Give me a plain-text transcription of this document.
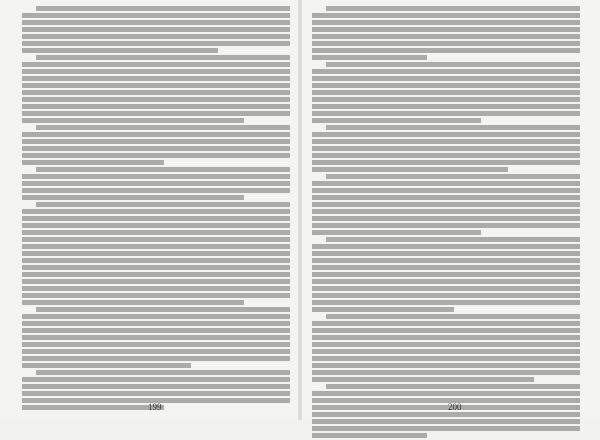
199	200
